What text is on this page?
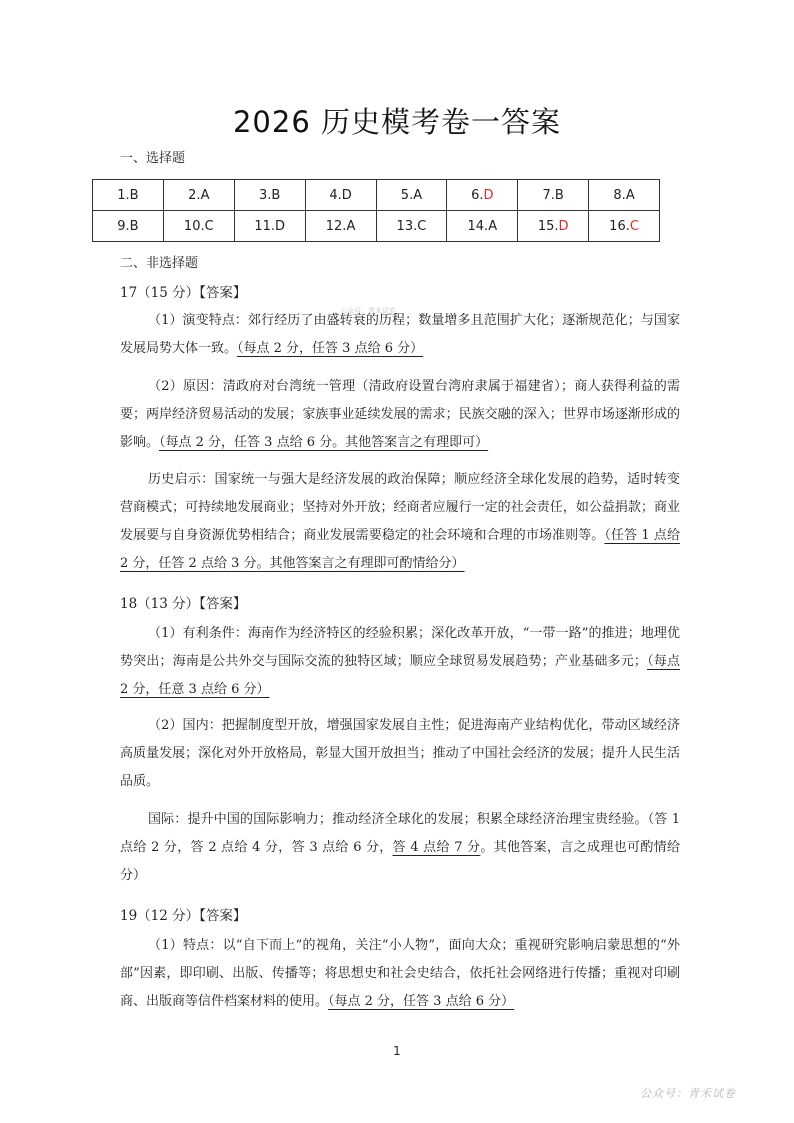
2026 历史模考卷一答案
一、选择题
1.B	2.A	3.B	4.D	5.A	6.D	7.B	8.A
9.B	10.C	11.D	12.A	13.C	14.A	15.D	16.C
二、非选择题
17（15 分）【答案】
公众号：青禾试卷

（1）演变特点：郊行经历了由盛转衰的历程；数量增多且范围扩大化；逐渐规范化；与国家发展局势大体一致。（每点 2 分，任答 3 点给 6 分）

（2）原因：清政府对台湾统一管理（清政府设置台湾府隶属于福建省）；商人获得利益的需要；两岸经济贸易活动的发展；家族事业延续发展的需求；民族交融的深入；世界市场逐渐形成的影响。（每点 2 分，任答 3 点给 6 分。其他答案言之有理即可）

历史启示：国家统一与强大是经济发展的政治保障；顺应经济全球化发展的趋势，适时转变营商模式；可持续地发展商业；坚持对外开放；经商者应履行一定的社会责任，如公益捐款；商业发展要与自身资源优势相结合；商业发展需要稳定的社会环境和合理的市场准则等。（任答 1 点给 2 分，任答 2 点给 3 分。其他答案言之有理即可酌情给分）

18（13 分）【答案】

（1）有利条件：海南作为经济特区的经验积累；深化改革开放，“一带一路”的推进；地理优势突出；海南是公共外交与国际交流的独特区域；顺应全球贸易发展趋势；产业基础多元；（每点 2 分，任意 3 点给 6 分）

（2）国内：把握制度型开放，增强国家发展自主性；促进海南产业结构优化，带动区域经济高质量发展；深化对外开放格局，彰显大国开放担当；推动了中国社会经济的发展；提升人民生活品质。

国际：提升中国的国际影响力；推动经济全球化的发展；积累全球经济治理宝贵经验。（答 1 点给 2 分，答 2 点给 4 分，答 3 点给 6 分，答 4 点给 7 分。其他答案，言之成理也可酌情给分）

19（12 分）【答案】

（1）特点：以“自下而上”的视角，关注“小人物”，面向大众；重视研究影响启蒙思想的“外部”因素，即印刷、出版、传播等；将思想史和社会史结合，依托社会网络进行传播；重视对印刷商、出版商等信件档案材料的使用。（每点 2 分，任答 3 点给 6 分）

1
公众号：青禾试卷
